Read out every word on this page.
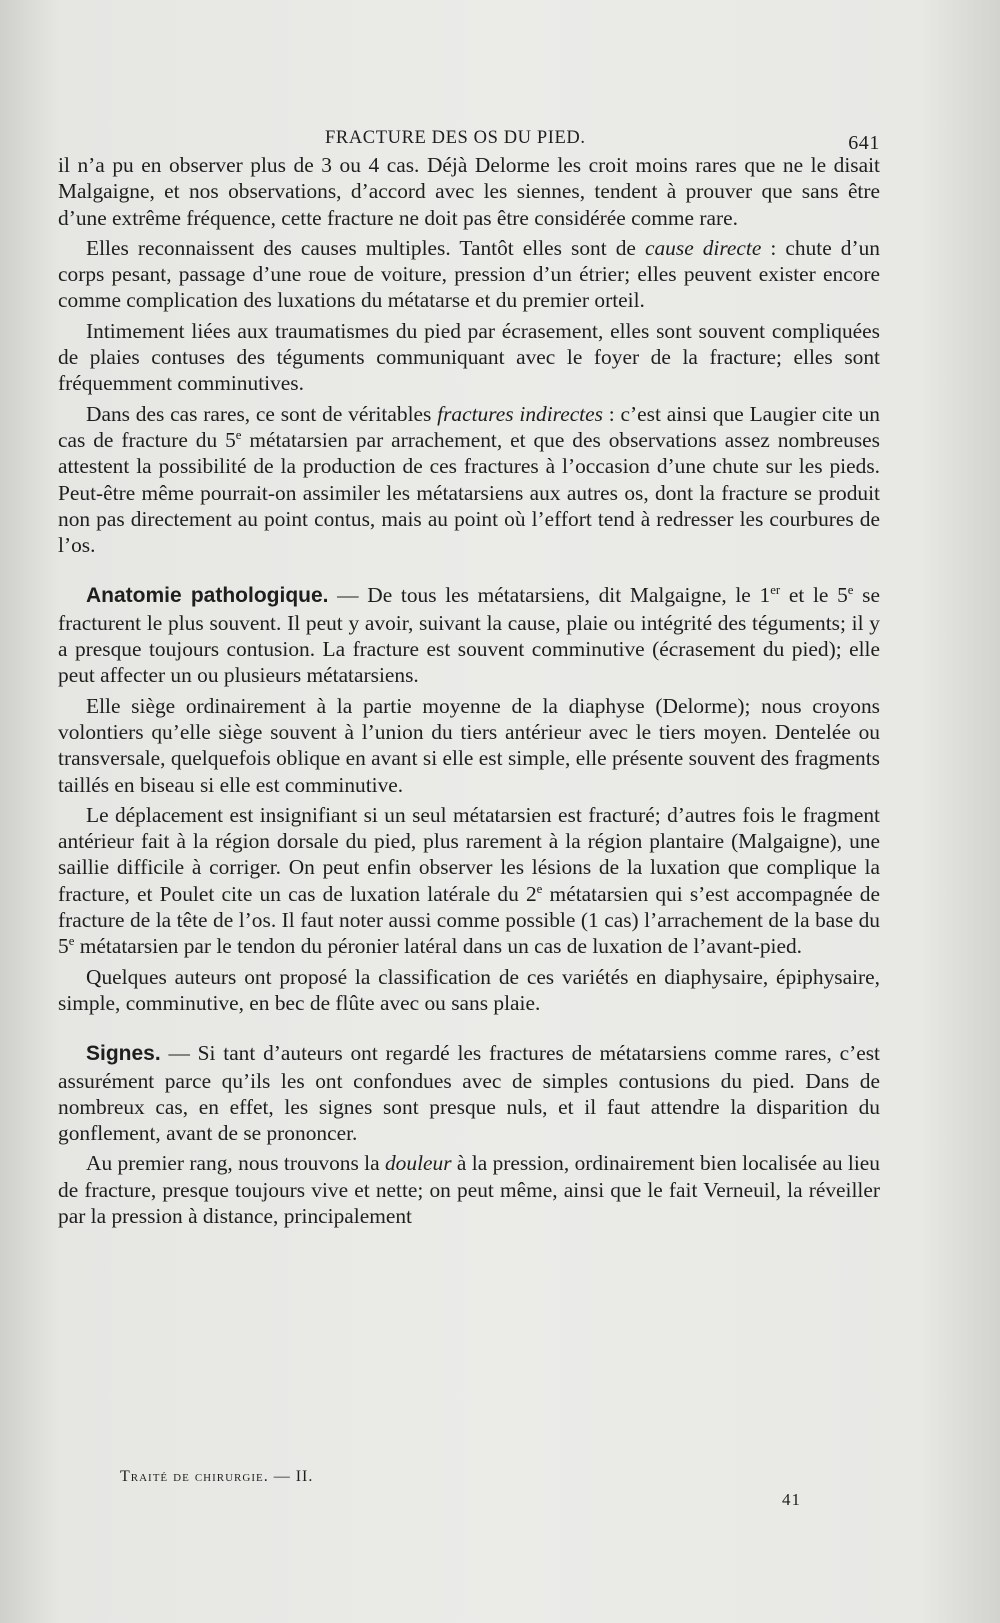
FRACTURE DES OS DU PIED.	641

il n’a pu en observer plus de 3 ou 4 cas. Déjà Delorme les croit moins rares que ne le disait Malgaigne, et nos observations, d’accord avec les siennes, tendent à prouver que sans être d’une extrême fréquence, cette fracture ne doit pas être considérée comme rare.

Elles reconnaissent des causes multiples. Tantôt elles sont de cause directe : chute d’un corps pesant, passage d’une roue de voiture, pression d’un étrier; elles peuvent exister encore comme complication des luxations du métatarse et du premier orteil.

Intimement liées aux traumatismes du pied par écrasement, elles sont souvent compliquées de plaies contuses des téguments communiquant avec le foyer de la fracture; elles sont fréquemment comminutives.

Dans des cas rares, ce sont de véritables fractures indirectes : c’est ainsi que Laugier cite un cas de fracture du 5e métatarsien par arrachement, et que des observations assez nombreuses attestent la possibilité de la production de ces fractures à l’occasion d’une chute sur les pieds. Peut-être même pourrait-on assimiler les métatarsiens aux autres os, dont la fracture se produit non pas directement au point contus, mais au point où l’effort tend à redresser les courbures de l’os.

Anatomie pathologique. — De tous les métatarsiens, dit Malgaigne, le 1er et le 5e se fracturent le plus souvent. Il peut y avoir, suivant la cause, plaie ou intégrité des téguments; il y a presque toujours contusion. La fracture est souvent comminutive (écrasement du pied); elle peut affecter un ou plusieurs métatarsiens.

Elle siège ordinairement à la partie moyenne de la diaphyse (Delorme); nous croyons volontiers qu’elle siège souvent à l’union du tiers antérieur avec le tiers moyen. Dentelée ou transversale, quelquefois oblique en avant si elle est simple, elle présente souvent des fragments taillés en biseau si elle est comminutive.

Le déplacement est insignifiant si un seul métatarsien est fracturé; d’autres fois le fragment antérieur fait à la région dorsale du pied, plus rarement à la région plantaire (Malgaigne), une saillie difficile à corriger. On peut enfin observer les lésions de la luxation que complique la fracture, et Poulet cite un cas de luxation latérale du 2e métatarsien qui s’est accompagnée de fracture de la tête de l’os. Il faut noter aussi comme possible (1 cas) l’arrachement de la base du 5e métatarsien par le tendon du péronier latéral dans un cas de luxation de l’avant-pied.

Quelques auteurs ont proposé la classification de ces variétés en diaphysaire, épiphysaire, simple, comminutive, en bec de flûte avec ou sans plaie.

Signes. — Si tant d’auteurs ont regardé les fractures de métatarsiens comme rares, c’est assurément parce qu’ils les ont confondues avec de simples contusions du pied. Dans de nombreux cas, en effet, les signes sont presque nuls, et il faut attendre la disparition du gonflement, avant de se prononcer.

Au premier rang, nous trouvons la douleur à la pression, ordinairement bien localisée au lieu de fracture, presque toujours vive et nette; on peut même, ainsi que le fait Verneuil, la réveiller par la pression à distance, principalement

Traité de chirurgie. — II.
41
